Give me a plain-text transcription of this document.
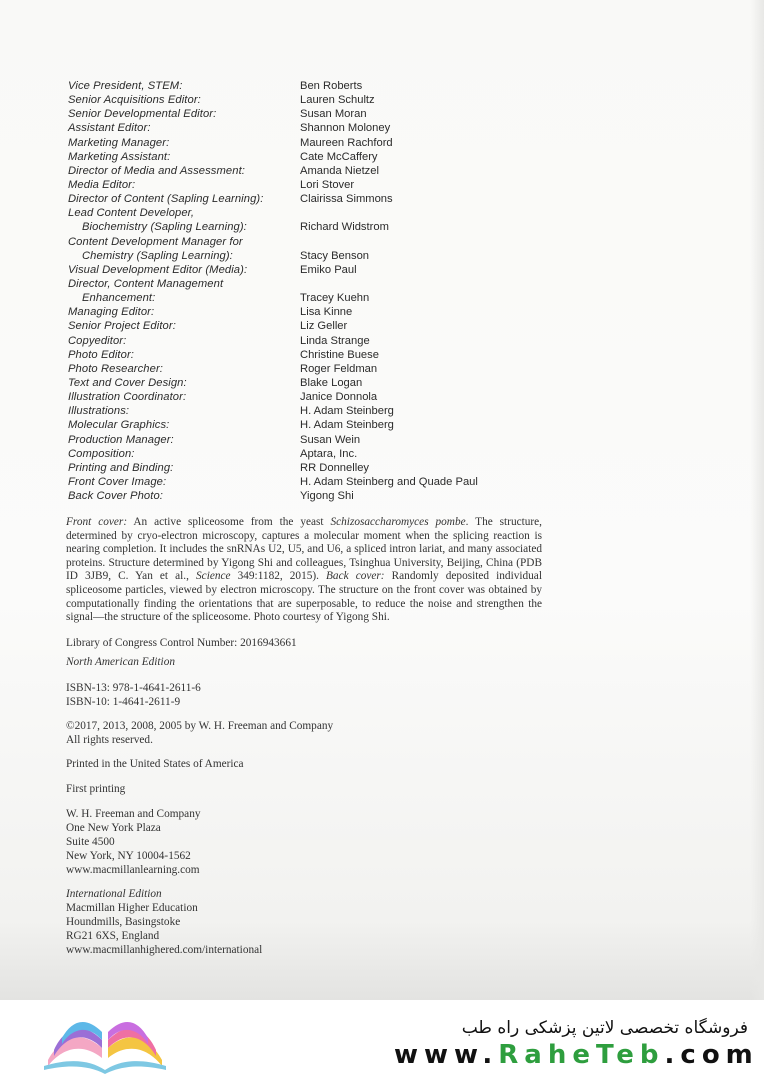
Vice President, STEM:	Ben Roberts
Senior Acquisitions Editor:	Lauren Schultz
Senior Developmental Editor:	Susan Moran
Assistant Editor:	Shannon Moloney
Marketing Manager:	Maureen Rachford
Marketing Assistant:	Cate McCaffery
Director of Media and Assessment:	Amanda Nietzel
Media Editor:	Lori Stover
Director of Content (Sapling Learning):	Clairissa Simmons
Lead Content Developer,
Biochemistry (Sapling Learning):	Richard Widstrom
Content Development Manager for
Chemistry (Sapling Learning):	Stacy Benson
Visual Development Editor (Media):	Emiko Paul
Director, Content Management
Enhancement:	Tracey Kuehn
Managing Editor:	Lisa Kinne
Senior Project Editor:	Liz Geller
Copyeditor:	Linda Strange
Photo Editor:	Christine Buese
Photo Researcher:	Roger Feldman
Text and Cover Design:	Blake Logan
Illustration Coordinator:	Janice Donnola
Illustrations:	H. Adam Steinberg
Molecular Graphics:	H. Adam Steinberg
Production Manager:	Susan Wein
Composition:	Aptara, Inc.
Printing and Binding:	RR Donnelley
Front Cover Image:	H. Adam Steinberg and Quade Paul
Back Cover Photo:	Yigong Shi
Front cover: An active spliceosome from the yeast Schizosaccharomyces pombe. The structure, determined by cryo-electron microscopy, captures a molecular moment when the splicing reaction is nearing completion. It includes the snRNAs U2, U5, and U6, a spliced intron lariat, and many associated proteins. Structure determined by Yigong Shi and colleagues, Tsinghua University, Beijing, China (PDB ID 3JB9, C. Yan et al., Science 349:1182, 2015). Back cover: Randomly deposited individual spliceosome particles, viewed by electron microscopy. The structure on the front cover was obtained by computationally finding the orientations that are superposable, to reduce the noise and strengthen the signal—the structure of the spliceosome. Photo courtesy of Yigong Shi.
Library of Congress Control Number: 2016943661
North American Edition
ISBN-13: 978-1-4641-2611-6
ISBN-10: 1-4641-2611-9
©2017, 2013, 2008, 2005 by W. H. Freeman and Company
All rights reserved.
Printed in the United States of America
First printing
W. H. Freeman and Company
One New York Plaza
Suite 4500
New York, NY 10004-1562
www.macmillanlearning.com
International Edition
Macmillan Higher Education
Houndmills, Basingstoke
RG21 6XS, England
www.macmillanhighered.com/international
فروشگاه تخصصی لاتین پزشکی راه طب
www.RaheTeb.com
